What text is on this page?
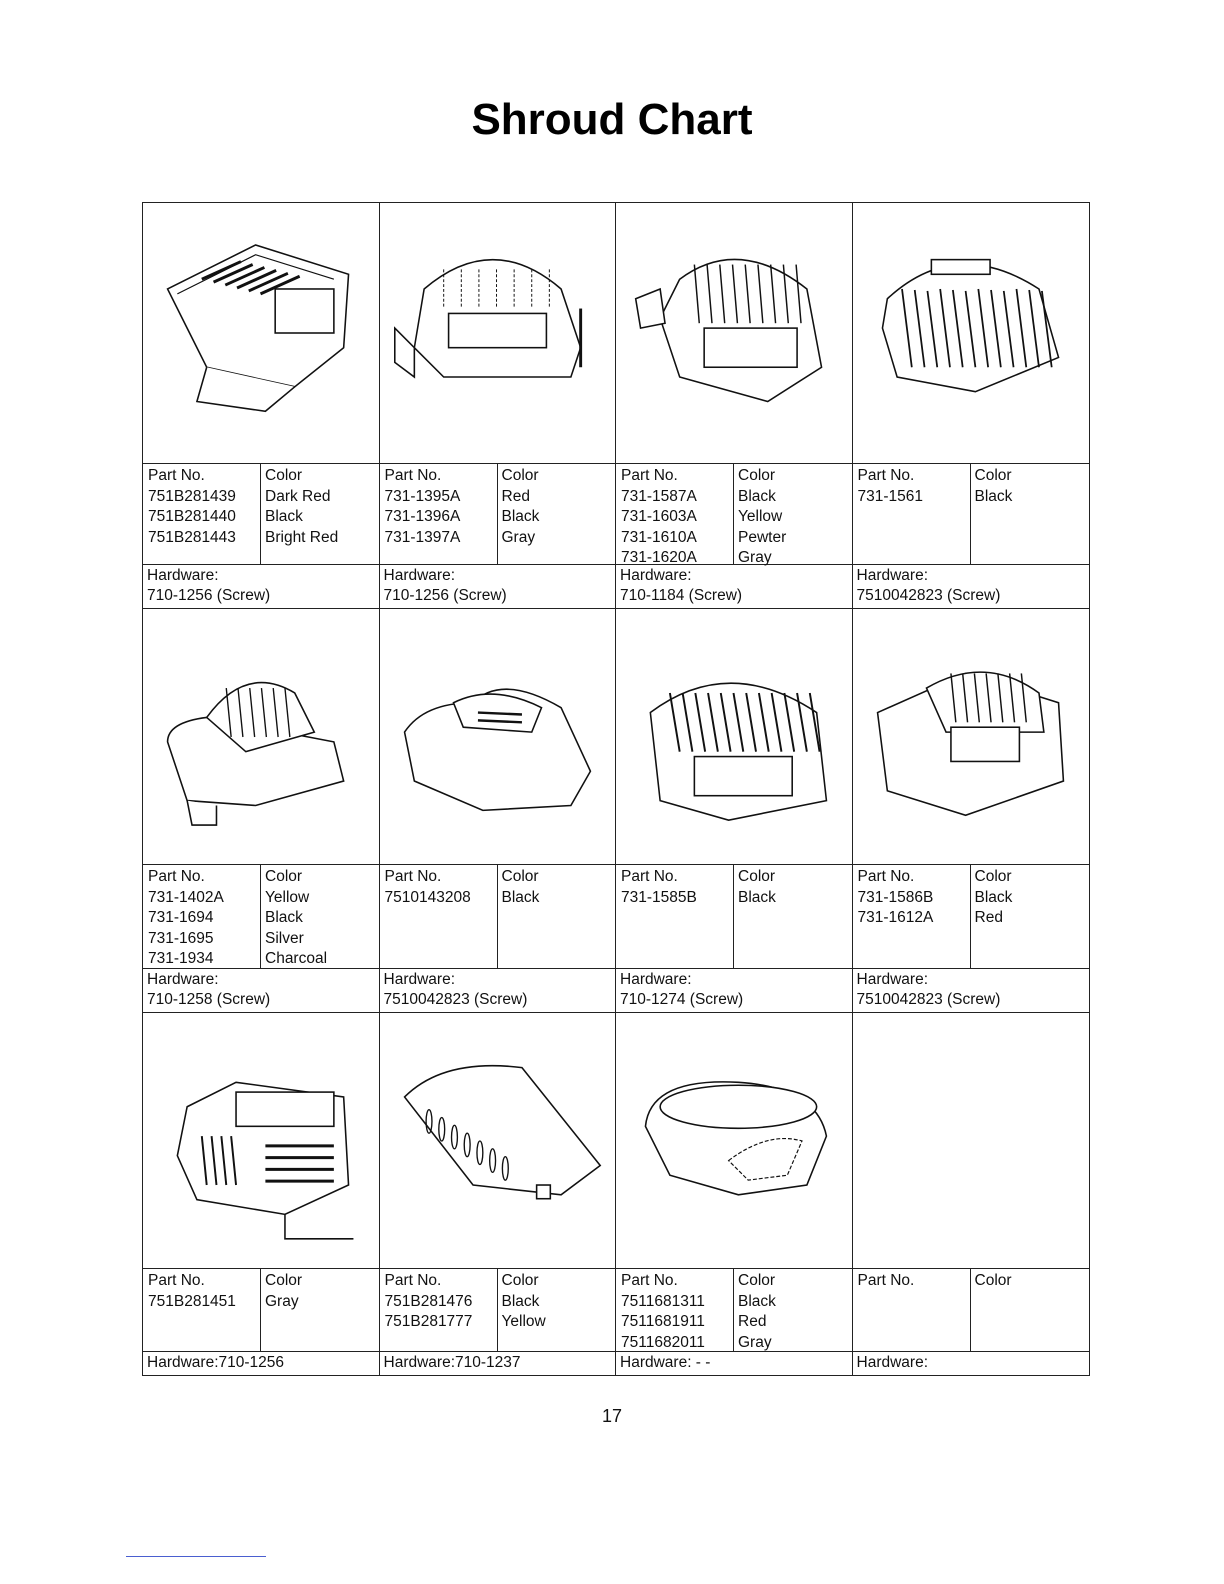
Shroud Chart
Part No.
751B281439
751B281440
751B281443
Color
Dark Red
Black
Bright Red
Hardware:
710-1256 (Screw)
Part No.
731-1395A
731-1396A
731-1397A
Color
Red
Black
Gray
Hardware:
710-1256 (Screw)
Part No.
731-1587A
731-1603A
731-1610A
731-1620A
Color
Black
Yellow
Pewter
Gray
Hardware:
710-1184 (Screw)
Part No.
731-1561
Color
Black
Hardware:
7510042823 (Screw)
Part No.
731-1402A
731-1694
731-1695
731-1934
Color
Yellow
Black
Silver
Charcoal
Hardware:
710-1258 (Screw)
Part No.
7510143208
Color
Black
Hardware:
7510042823 (Screw)
Part No.
731-1585B
Color
Black
Hardware:
710-1274 (Screw)
Part No.
731-1586B
731-1612A
Color
Black
Red
Hardware:
7510042823 (Screw)
Part No.
751B281451
Color
Gray
Hardware:710-1256
Part No.
751B281476
751B281777
Color
Black
Yellow
Hardware:710-1237
Part No.
7511681311
7511681911
7511682011
Color
Black
Red
Gray
Hardware: - -
Part No.	Color
Hardware:
17
